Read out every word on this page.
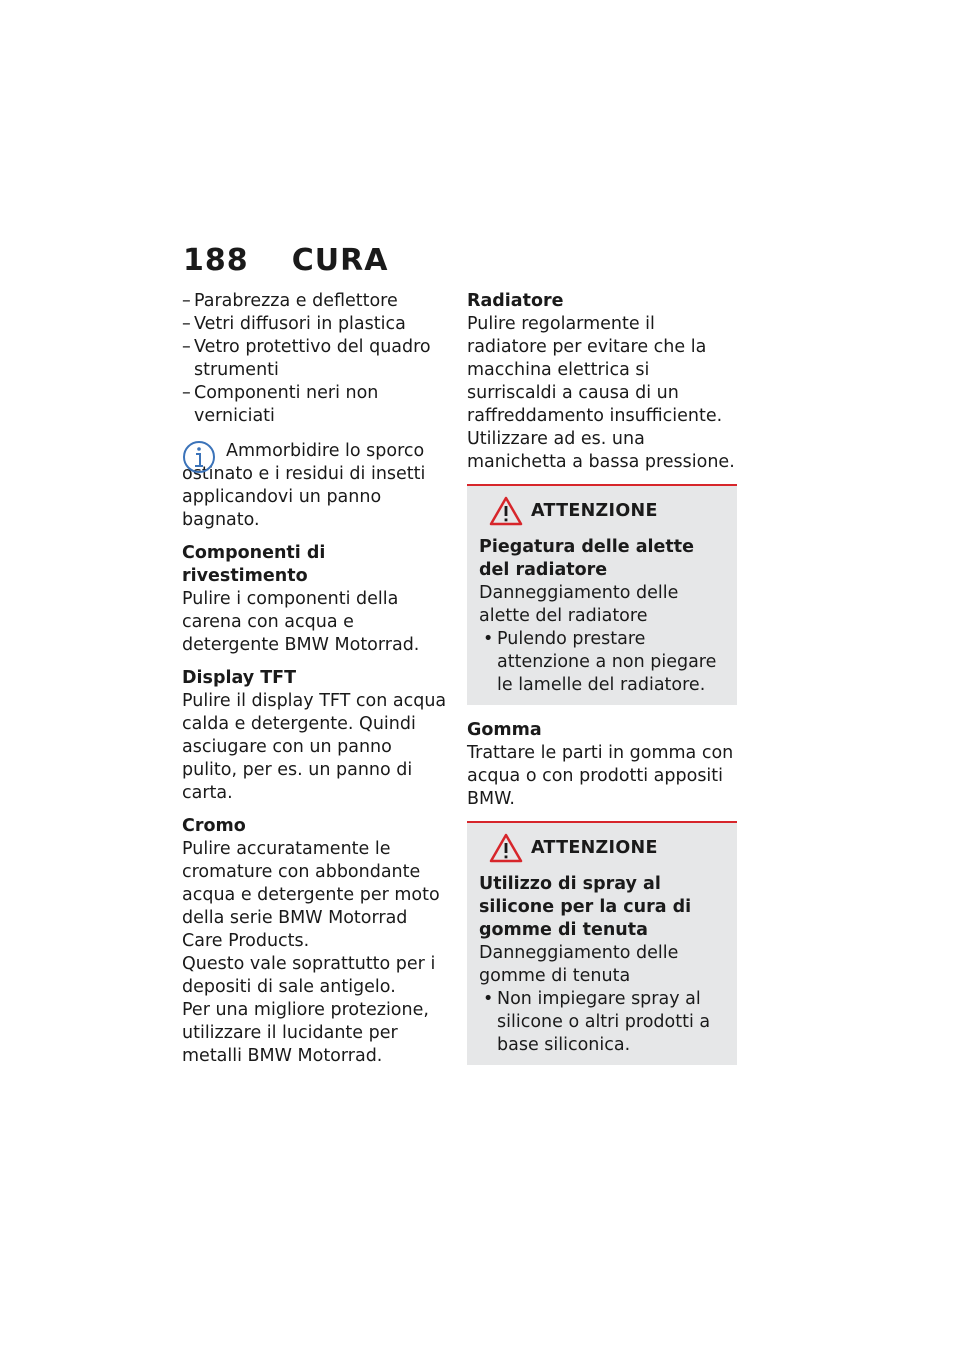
188 CURA
– Parabrezza e deflettore
– Vetri diffusori in plastica
– Vetro protettivo del quadro strumenti
– Componenti neri non verniciati

Ammorbidire lo sporco ostinato e i residui di insetti applicandovi un panno bagnato.

Componenti di rivestimento

Pulire i componenti della carena con acqua e detergente BMW Motorrad.

Display TFT

Pulire il display TFT con acqua calda e detergente. Quindi asciugare con un panno pulito, per es. un panno di carta.

Cromo

Pulire accuratamente le cromature con abbondante acqua e detergente per moto della serie BMW Motorrad Care Products.

Questo vale soprattutto per i depositi di sale antigelo.

Per una migliore protezione, utilizzare il lucidante per metalli BMW Motorrad.

Radiatore

Pulire regolarmente il radiatore per evitare che la macchina elettrica si surriscaldi a causa di un raffreddamento insufficiente.

Utilizzare ad es. una manichetta a bassa pressione.

ATTENZIONE

Piegatura delle alette del radiatore

Danneggiamento delle alette del radiatore

• Pulendo prestare attenzione a non piegare le lamelle del radiatore.

Gomma

Trattare le parti in gomma con acqua o con prodotti appositi BMW.

ATTENZIONE

Utilizzo di spray al silicone per la cura di gomme di tenuta

Danneggiamento delle gomme di tenuta

• Non impiegare spray al silicone o altri prodotti a base siliconica.
